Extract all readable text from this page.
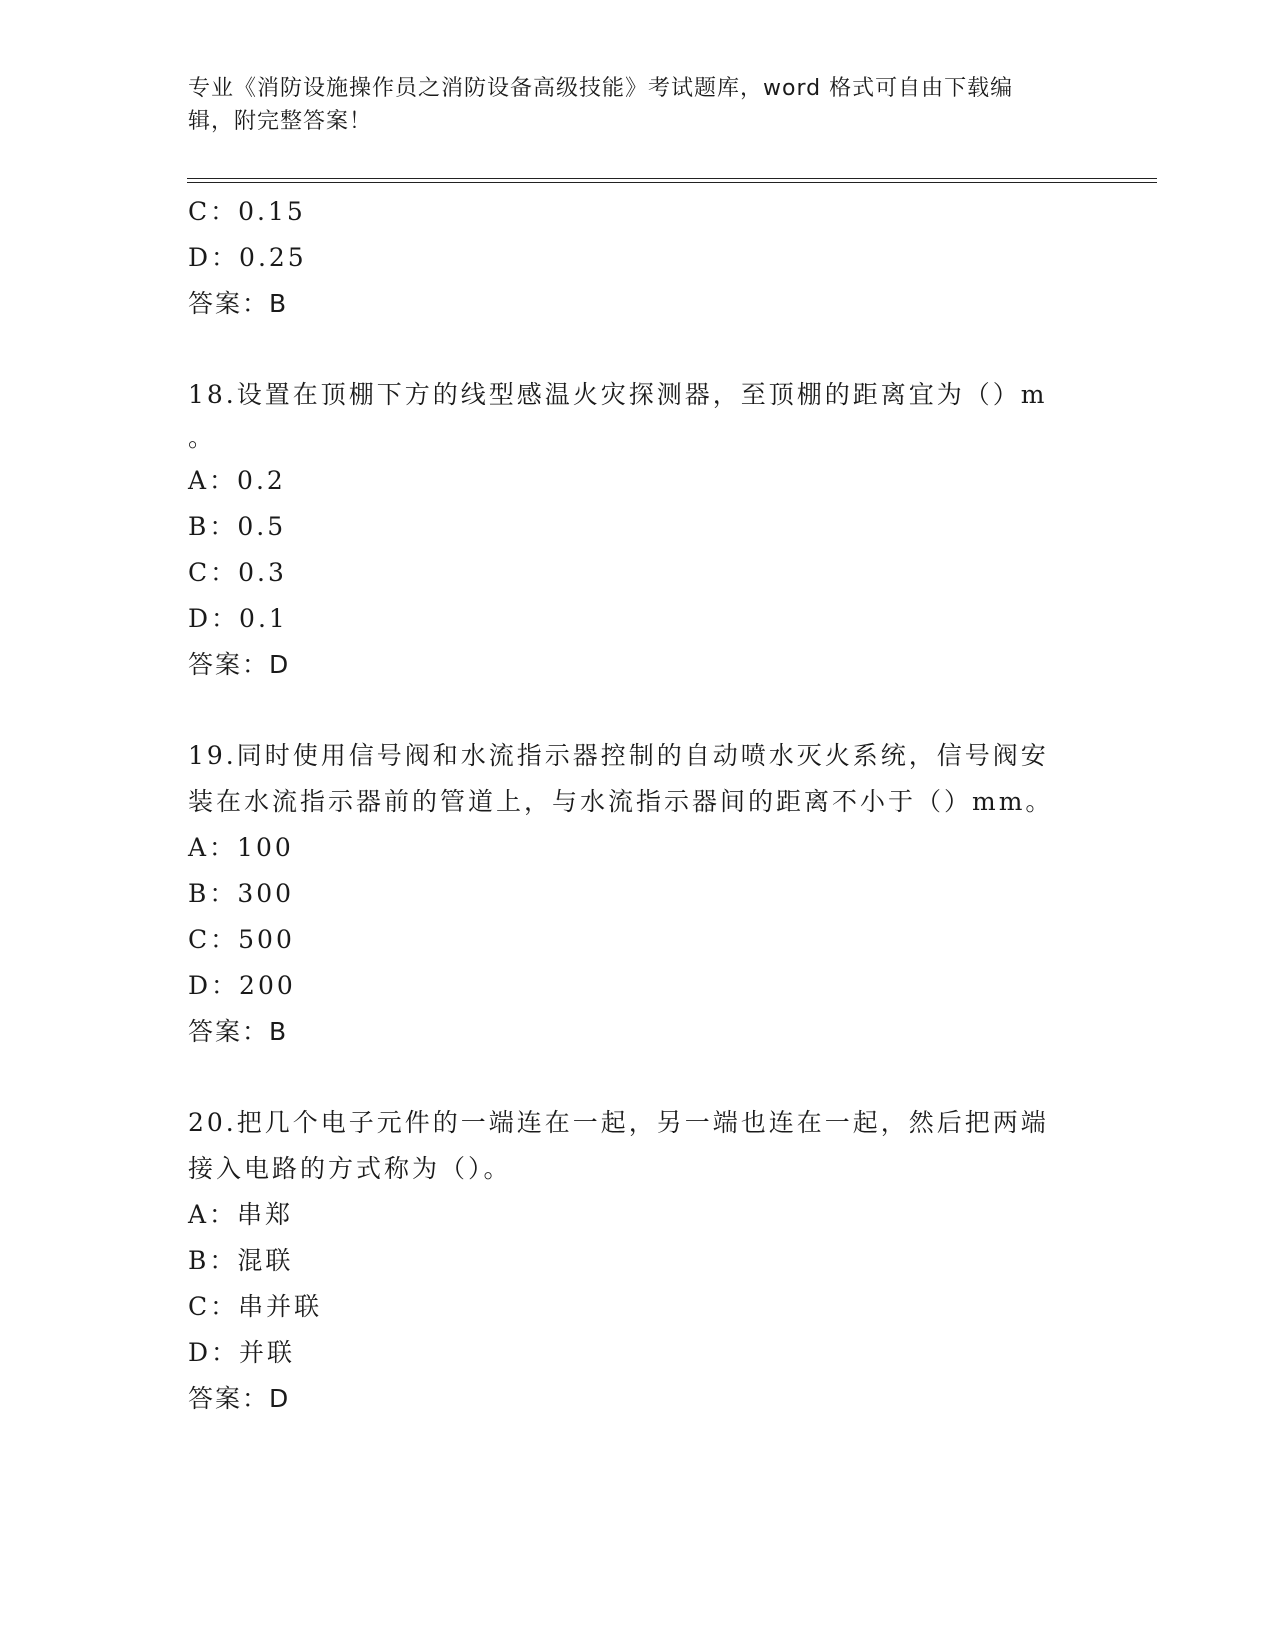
专业《消防设施操作员之消防设备高级技能》考试题库，word 格式可自由下载编
辑，附完整答案！
C：0.15
D：0.25
答案：B
18.设置在顶棚下方的线型感温火灾探测器，至顶棚的距离宜为（）m
。
A：0.2
B：0.5
C：0.3
D：0.1
答案：D
19.同时使用信号阀和水流指示器控制的自动喷水灭火系统，信号阀安
装在水流指示器前的管道上，与水流指示器间的距离不小于（）mm。
A：100
B：300
C：500
D：200
答案：B
20.把几个电子元件的一端连在一起，另一端也连在一起，然后把两端
接入电路的方式称为（）。
A：串郑
B：混联
C：串并联
D：并联
答案：D
